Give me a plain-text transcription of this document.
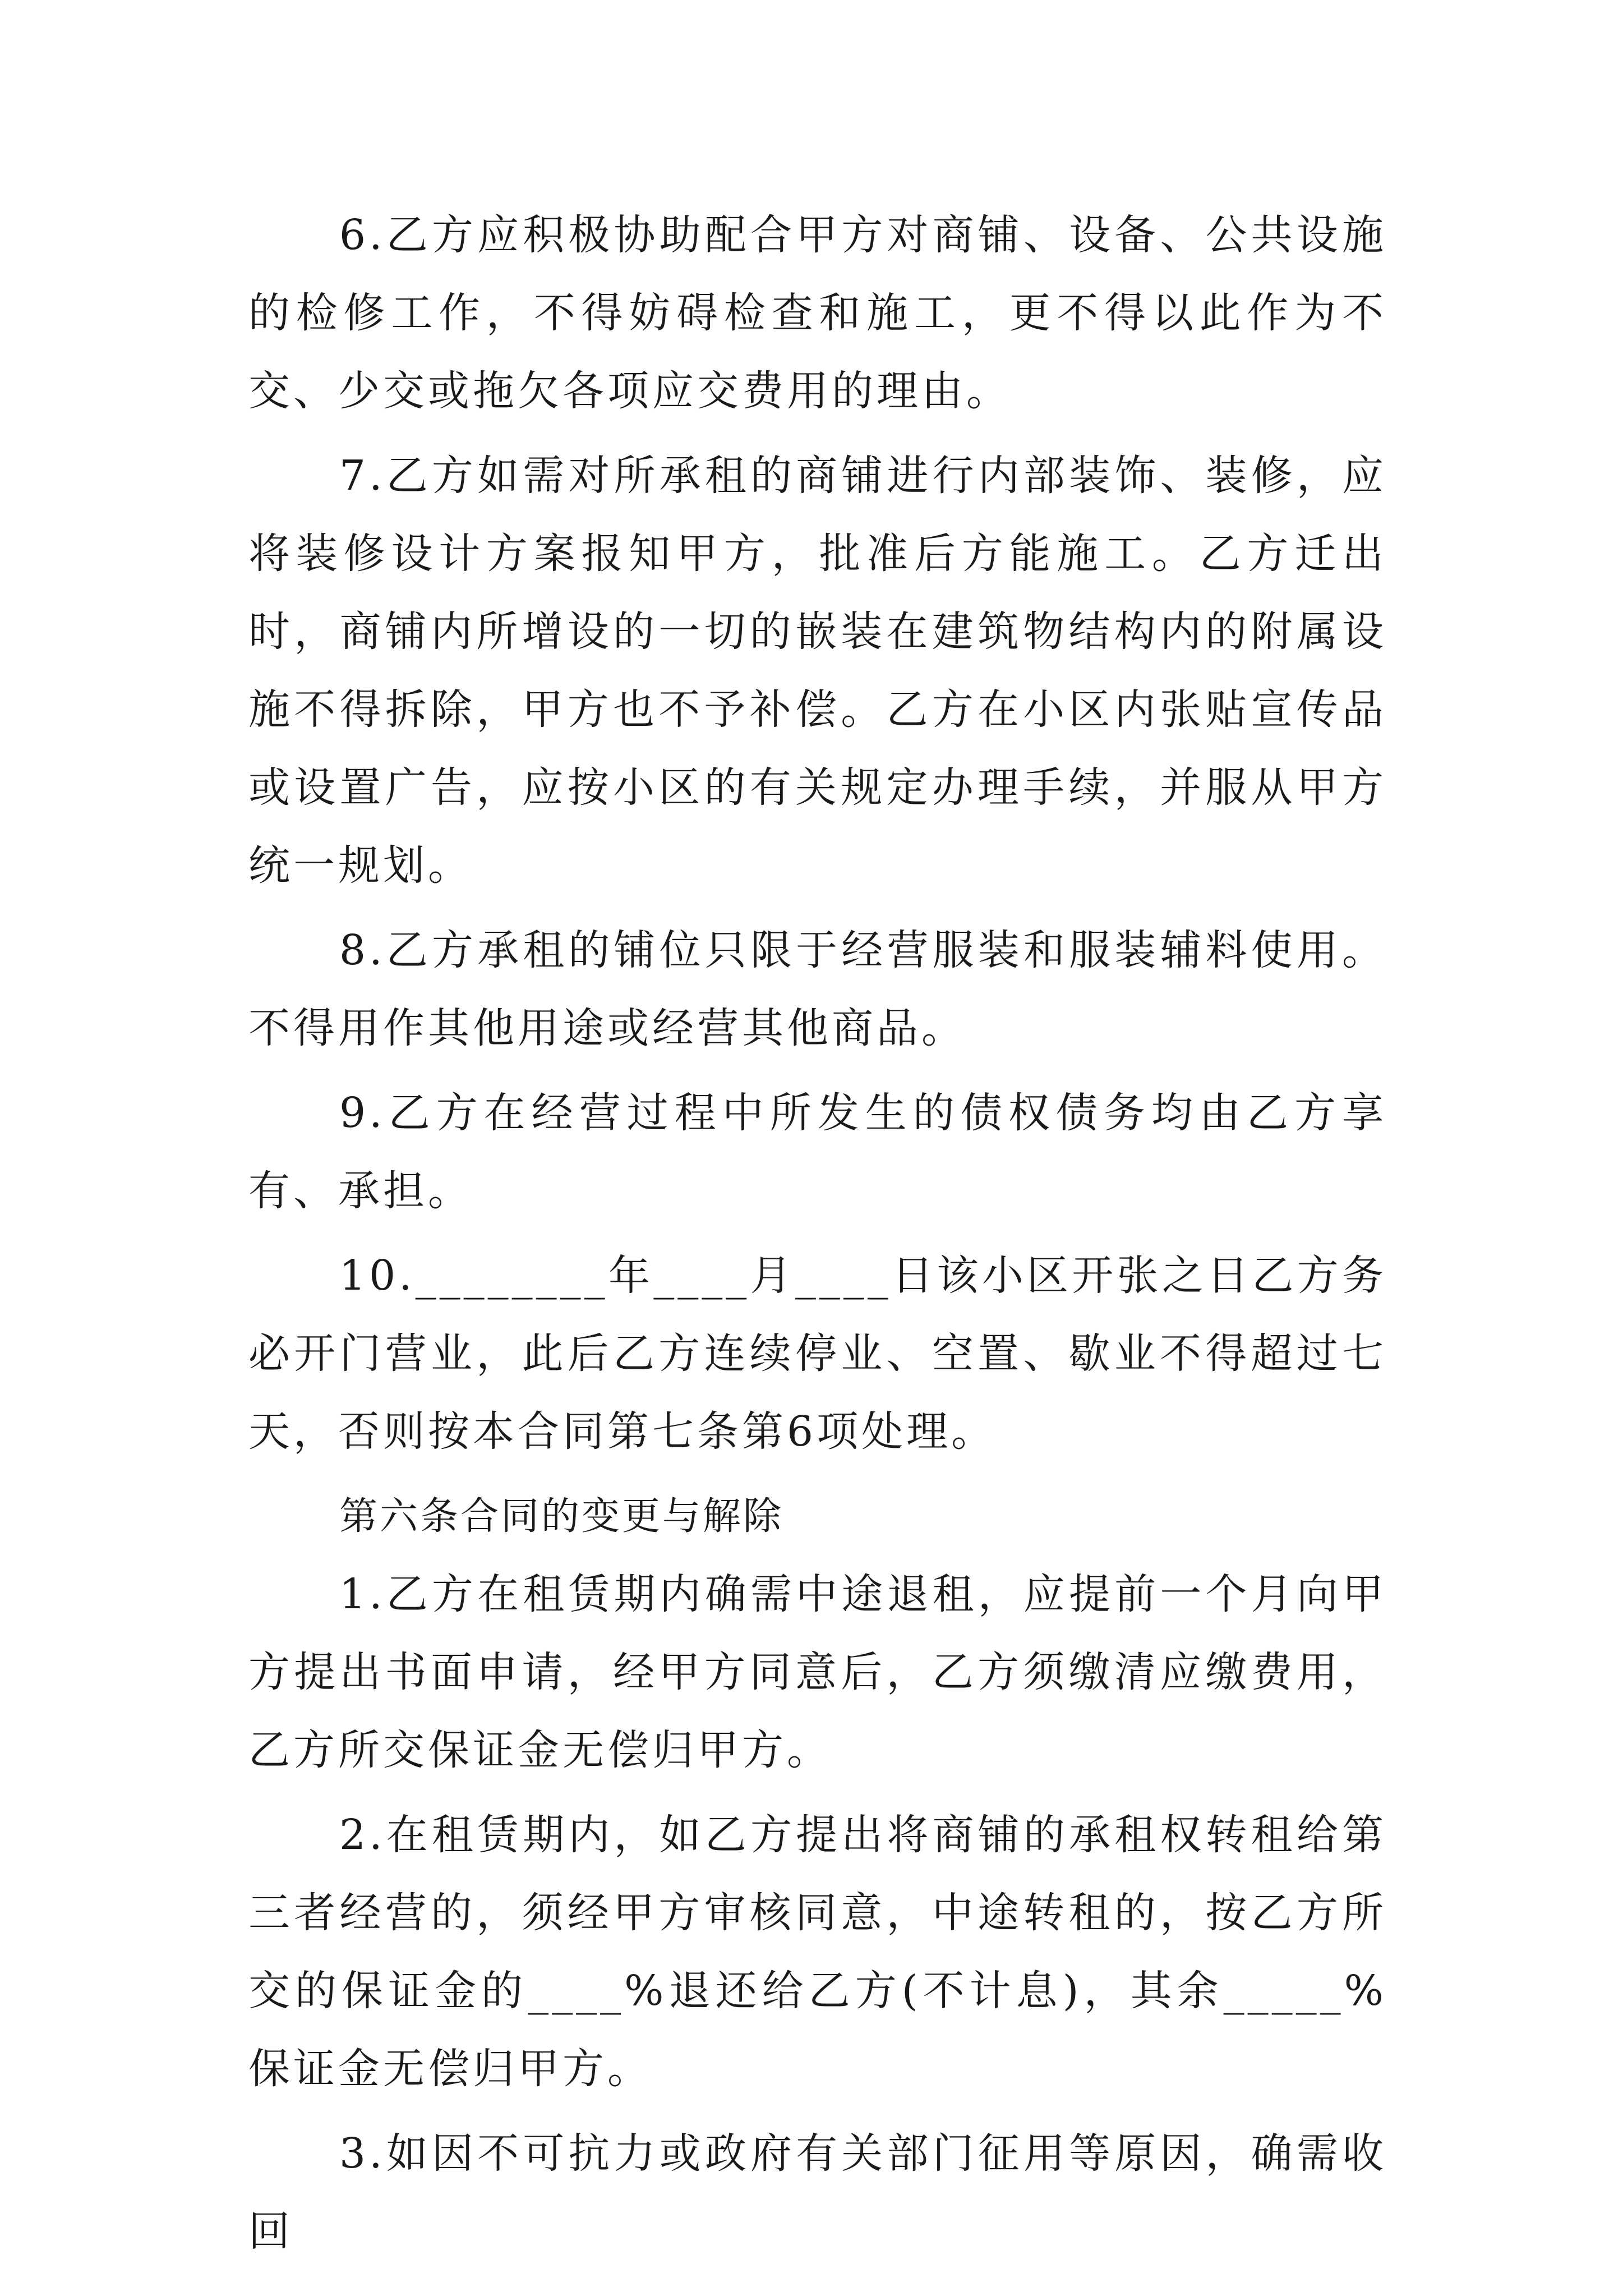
6.乙方应积极协助配合甲方对商铺、设备、公共设施的检修工作，不得妨碍检查和施工，更不得以此作为不交、少交或拖欠各项应交费用的理由。

7.乙方如需对所承租的商铺进行内部装饰、装修，应将装修设计方案报知甲方，批准后方能施工。乙方迁出时，商铺内所增设的一切的嵌装在建筑物结构内的附属设施不得拆除，甲方也不予补偿。乙方在小区内张贴宣传品或设置广告，应按小区的有关规定办理手续，并服从甲方统一规划。

8.乙方承租的铺位只限于经营服装和服装辅料使用。不得用作其他用途或经营其他商品。

9.乙方在经营过程中所发生的债权债务均由乙方享有、承担。

10.________年____月____日该小区开张之日乙方务必开门营业，此后乙方连续停业、空置、歇业不得超过七天，否则按本合同第七条第6项处理。

第六条合同的变更与解除

1.乙方在租赁期内确需中途退租，应提前一个月向甲方提出书面申请，经甲方同意后，乙方须缴清应缴费用，乙方所交保证金无偿归甲方。

2.在租赁期内，如乙方提出将商铺的承租权转租给第三者经营的，须经甲方审核同意，中途转租的，按乙方所交的保证金的____%退还给乙方(不计息)，其余_____%保证金无偿归甲方。

3.如因不可抗力或政府有关部门征用等原因，确需收回
